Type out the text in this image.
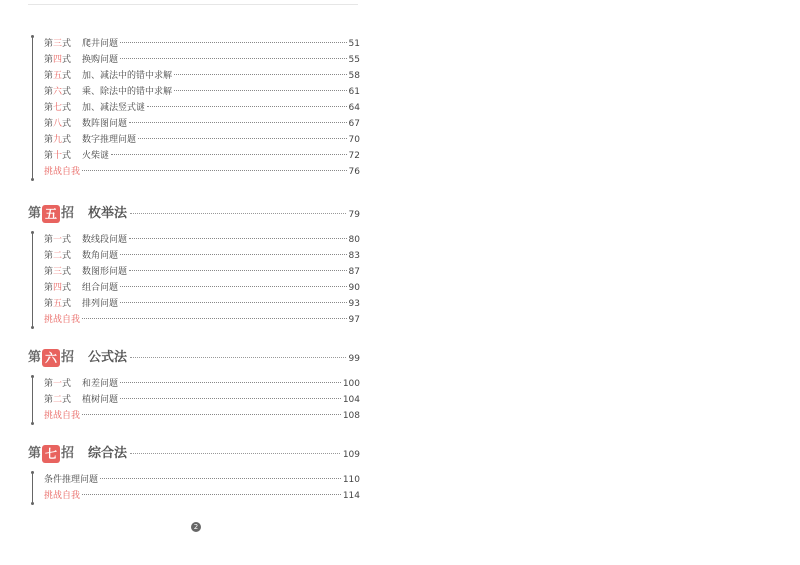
第三式	爬井问题	51
第四式	换购问题	55
第五式	加、减法中的错中求解	58
第六式	乘、除法中的错中求解	61
第七式	加、减法竖式谜	64
第八式	数阵图问题	67
第九式	数字推理问题	70
第十式	火柴谜	72
挑战自我	76
第 五 招 枚举法	79
第一式	数线段问题	80
第二式	数角问题	83
第三式	数图形问题	87
第四式	组合问题	90
第五式	排列问题	93
挑战自我	97
第 六 招 公式法	99
第一式	和差问题	100
第二式	植树问题	104
挑战自我	108
第 七 招 综合法	109
条件推理问题	110
挑战自我	114
2
